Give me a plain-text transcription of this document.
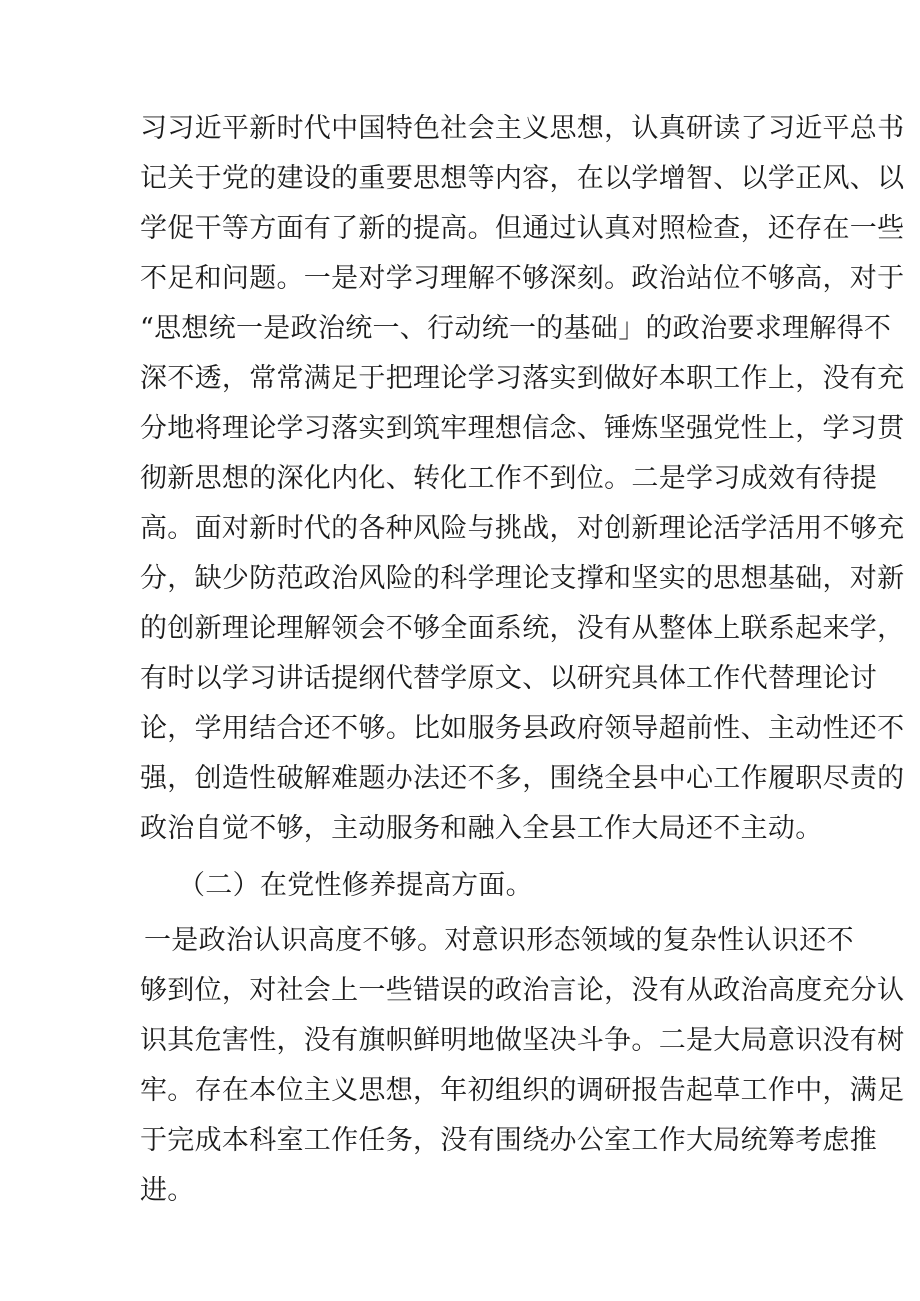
习习近平新时代中国特色社会主义思想，认真研读了习近平总书
记关于党的建设的重要思想等内容，在以学增智、以学正风、以
学促干等方面有了新的提高。但通过认真对照检查，还存在一些
不足和问题。一是对学习理解不够深刻。政治站位不够高，对于
“思想统一是政治统一、行动统一的基础」的政治要求理解得不
深不透，常常满足于把理论学习落实到做好本职工作上，没有充
分地将理论学习落实到筑牢理想信念、锤炼坚强党性上，学习贯
彻新思想的深化内化、转化工作不到位。二是学习成效有待提
高。面对新时代的各种风险与挑战，对创新理论活学活用不够充
分，缺少防范政治风险的科学理论支撑和坚实的思想基础，对新
的创新理论理解领会不够全面系统，没有从整体上联系起来学，
有时以学习讲话提纲代替学原文、以研究具体工作代替理论讨
论，学用结合还不够。比如服务县政府领导超前性、主动性还不
强，创造性破解难题办法还不多，围绕全县中心工作履职尽责的
政治自觉不够，主动服务和融入全县工作大局还不主动。
（二）在党性修养提高方面。
一是政治认识高度不够。对意识形态领域的复杂性认识还不
够到位，对社会上一些错误的政治言论，没有从政治高度充分认
识其危害性，没有旗帜鲜明地做坚决斗争。二是大局意识没有树
牢。存在本位主义思想，年初组织的调研报告起草工作中，满足
于完成本科室工作任务，没有围绕办公室工作大局统筹考虑推
进。
